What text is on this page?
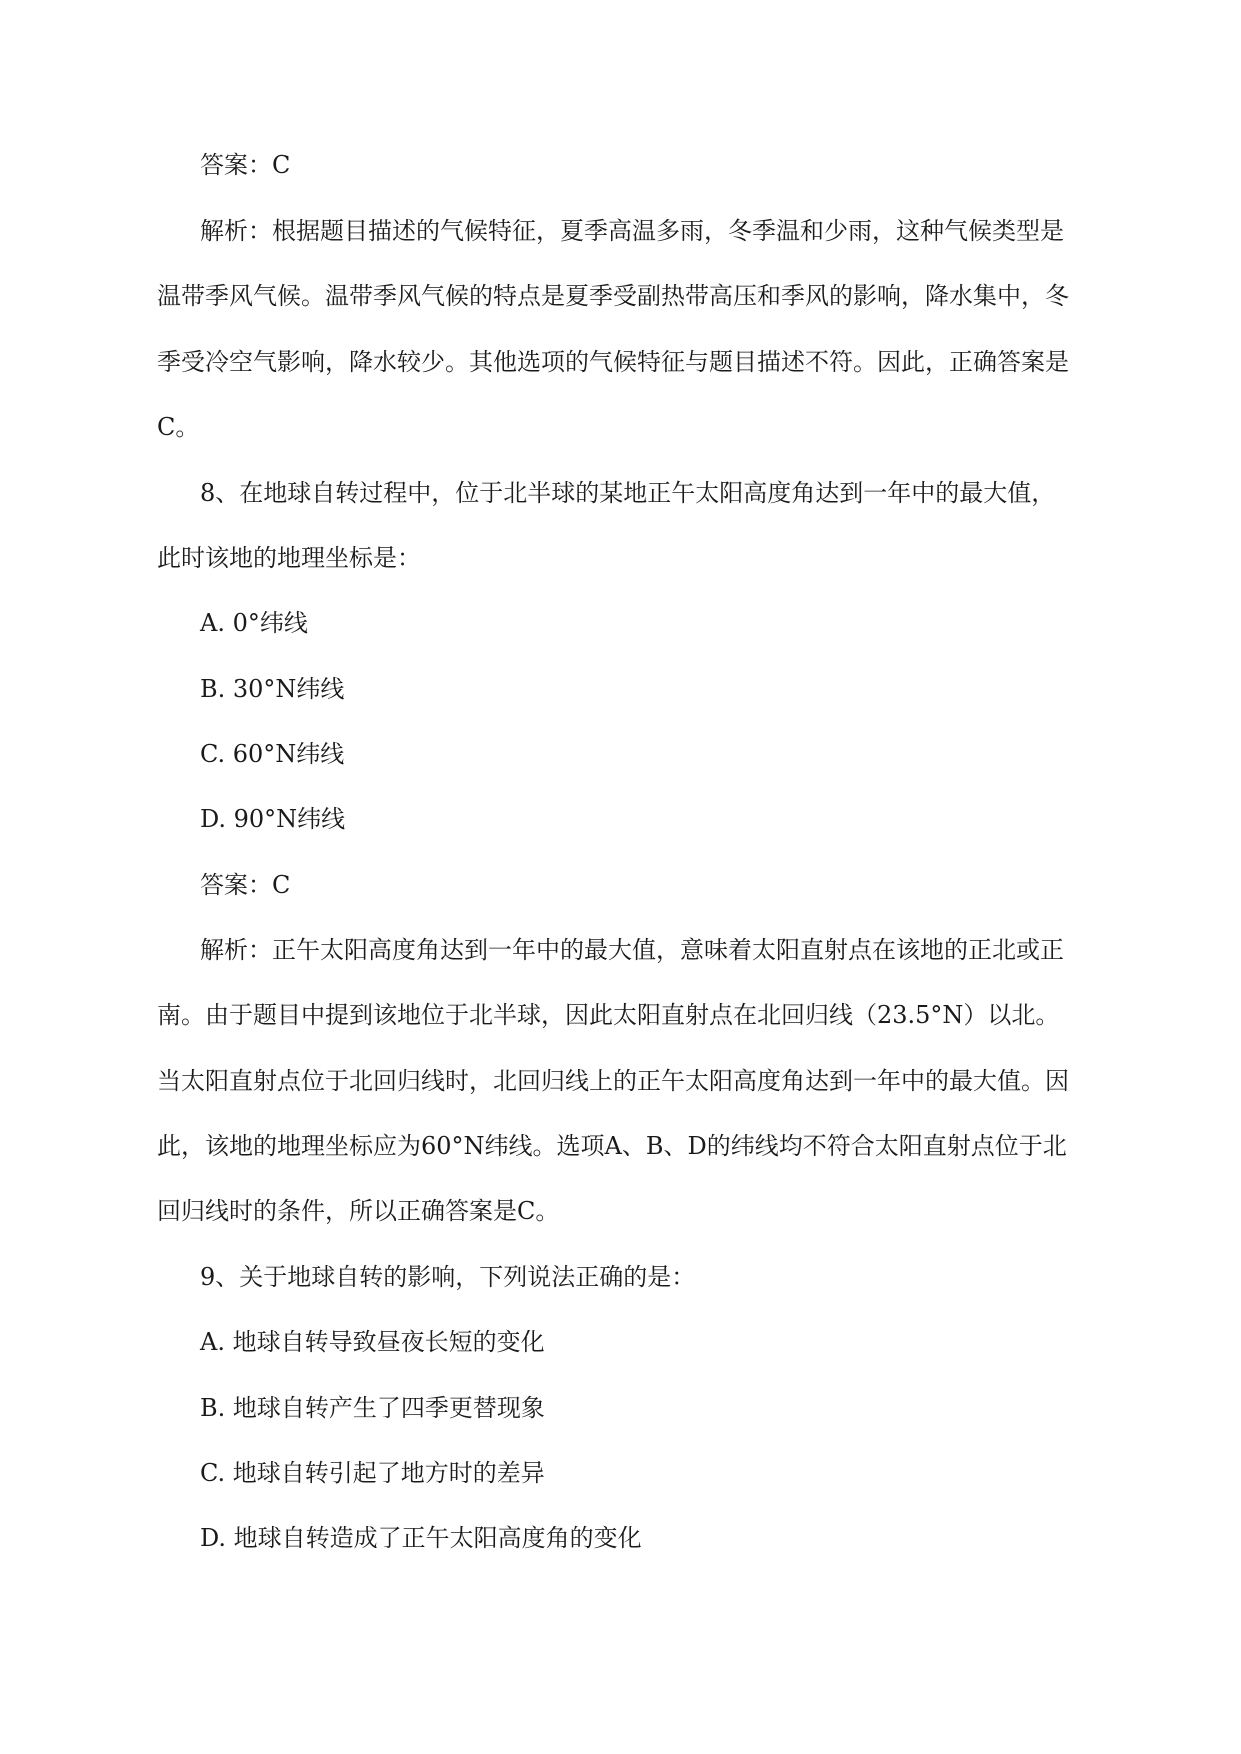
答案：C
解析：根据题目描述的气候特征，夏季高温多雨，冬季温和少雨，这种气候类型是
温带季风气候。温带季风气候的特点是夏季受副热带高压和季风的影响，降水集中，冬
季受冷空气影响，降水较少。其他选项的气候特征与题目描述不符。因此，正确答案是
C。
8、在地球自转过程中，位于北半球的某地正午太阳高度角达到一年中的最大值，
此时该地的地理坐标是：
A. 0°纬线
B. 30°N纬线
C. 60°N纬线
D. 90°N纬线
答案：C
解析：正午太阳高度角达到一年中的最大值，意味着太阳直射点在该地的正北或正
南。由于题目中提到该地位于北半球，因此太阳直射点在北回归线（23.5°N）以北。
当太阳直射点位于北回归线时，北回归线上的正午太阳高度角达到一年中的最大值。因
此，该地的地理坐标应为60°N纬线。选项A、B、D的纬线均不符合太阳直射点位于北
回归线时的条件，所以正确答案是C。
9、关于地球自转的影响，下列说法正确的是：
A. 地球自转导致昼夜长短的变化
B. 地球自转产生了四季更替现象
C. 地球自转引起了地方时的差异
D. 地球自转造成了正午太阳高度角的变化
